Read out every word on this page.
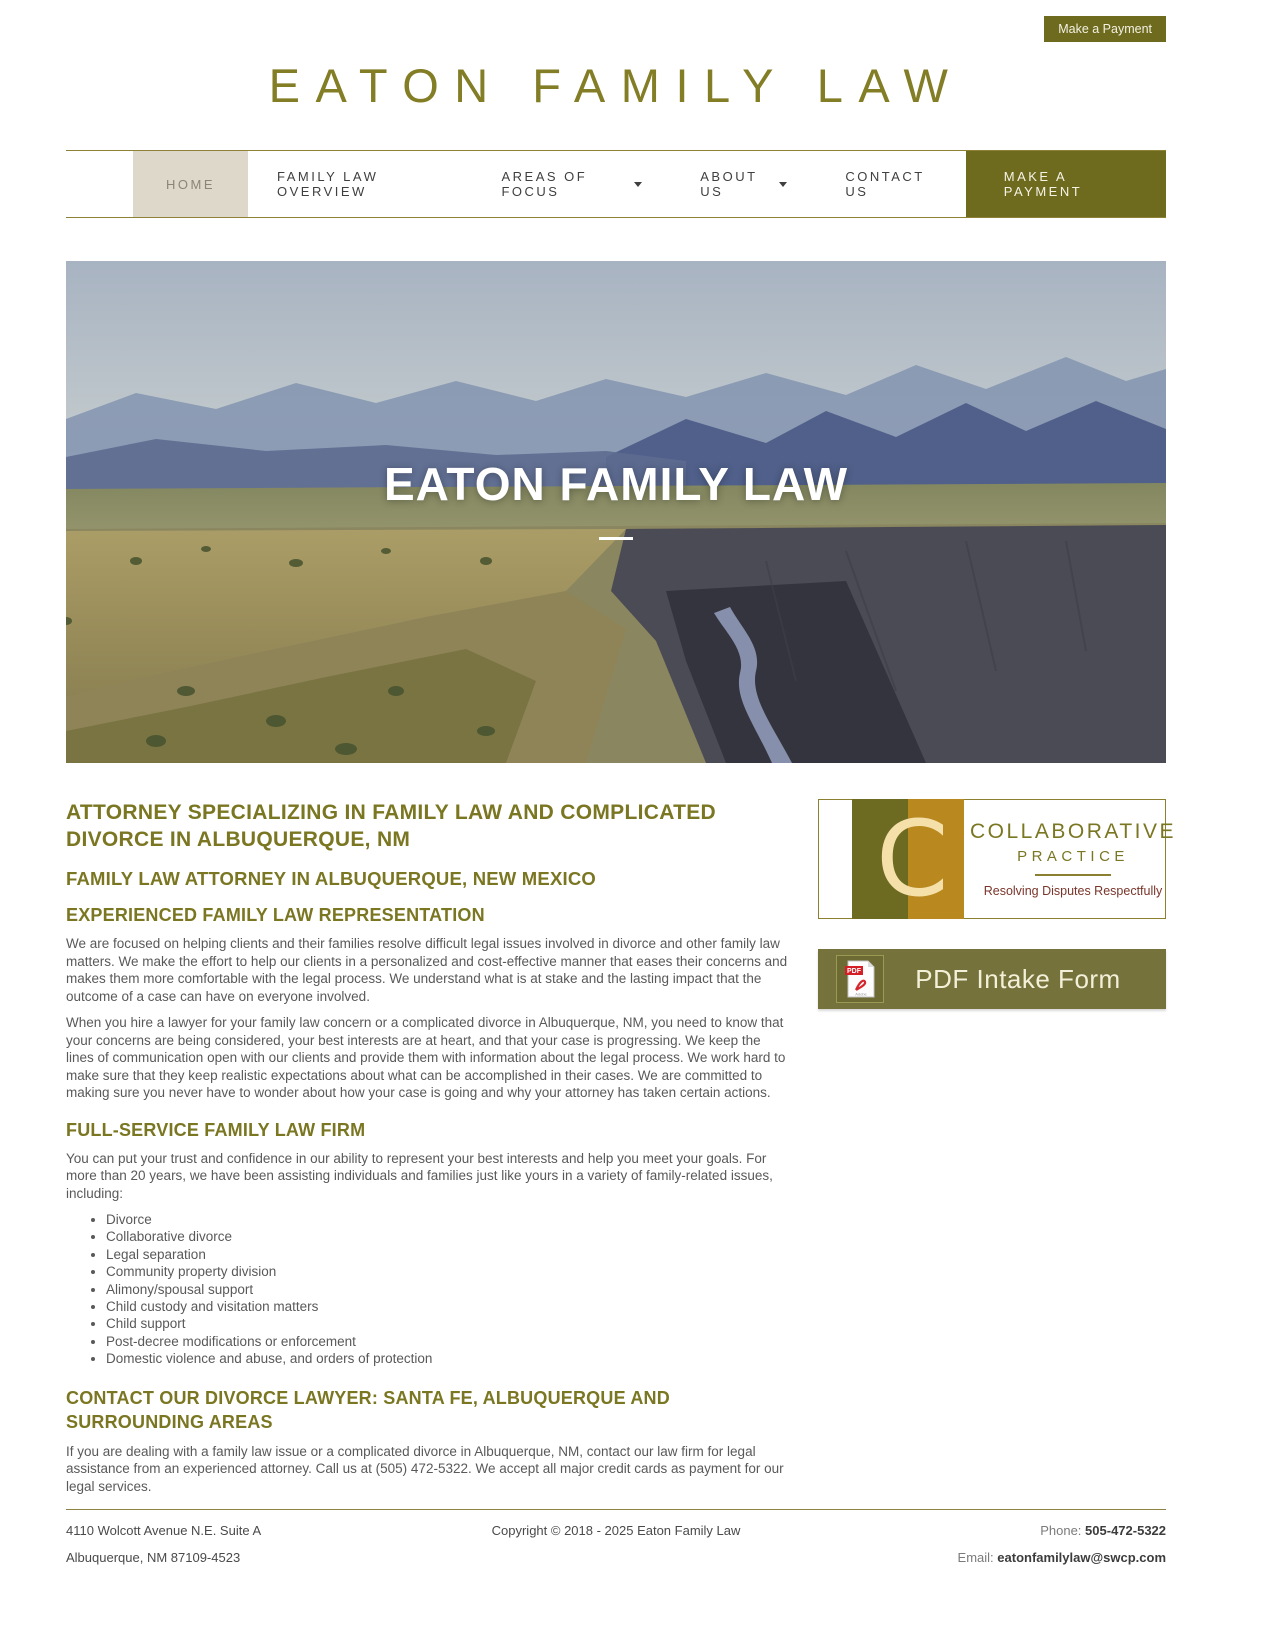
Make a Payment
EATON FAMILY LAW
HOME	FAMILY LAW OVERVIEW
AREAS OF FOCUS
ABOUT US
CONTACT US
MAKE A PAYMENT
EATON FAMILY LAW
ATTORNEY SPECIALIZING IN FAMILY LAW AND COMPLICATED DIVORCE IN ALBUQUERQUE, NM
FAMILY LAW ATTORNEY IN ALBUQUERQUE, NEW MEXICO
EXPERIENCED FAMILY LAW REPRESENTATION

We are focused on helping clients and their families resolve difficult legal issues involved in divorce and other family law matters. We make the effort to help our clients in a personalized and cost-effective manner that eases their concerns and makes them more comfortable with the legal process. We understand what is at stake and the lasting impact that the outcome of a case can have on everyone involved.

When you hire a lawyer for your family law concern or a complicated divorce in Albuquerque, NM, you need to know that your concerns are being considered, your best interests are at heart, and that your case is progressing. We keep the lines of communication open with our clients and provide them with information about the legal process. We work hard to make sure that they keep realistic expectations about what can be accomplished in their cases. We are committed to making sure you never have to wonder about how your case is going and why your attorney has taken certain actions.

FULL-SERVICE FAMILY LAW FIRM

You can put your trust and confidence in our ability to represent your best interests and help you meet your goals. For more than 20 years, we have been assisting individuals and families just like yours in a variety of family-related issues, including:

• Divorce
• Collaborative divorce
• Legal separation
• Community property division
• Alimony/spousal support
• Child custody and visitation matters
• Child support
• Post-decree modifications or enforcement
• Domestic violence and abuse, and orders of protection
CONTACT OUR DIVORCE LAWYER: SANTA FE, ALBUQUERQUE AND SURROUNDING AREAS

If you are dealing with a family law issue or a complicated divorce in Albuquerque, NM, contact our law firm for legal assistance from an experienced attorney. Call us at (505) 472-5322. We accept all major credit cards as payment for our legal services.

C COLLABORATIVE
PRACTICE
Resolving Disputes Respectfully
PDF
Adobe
PDF Intake Form
4110 Wolcott Avenue N.E. Suite A
Albuquerque, NM 87109-4523
Copyright © 2018 - 2025 Eaton Family Law	Phone: 505-472-5322
Email: eatonfamilylaw@swcp.com
